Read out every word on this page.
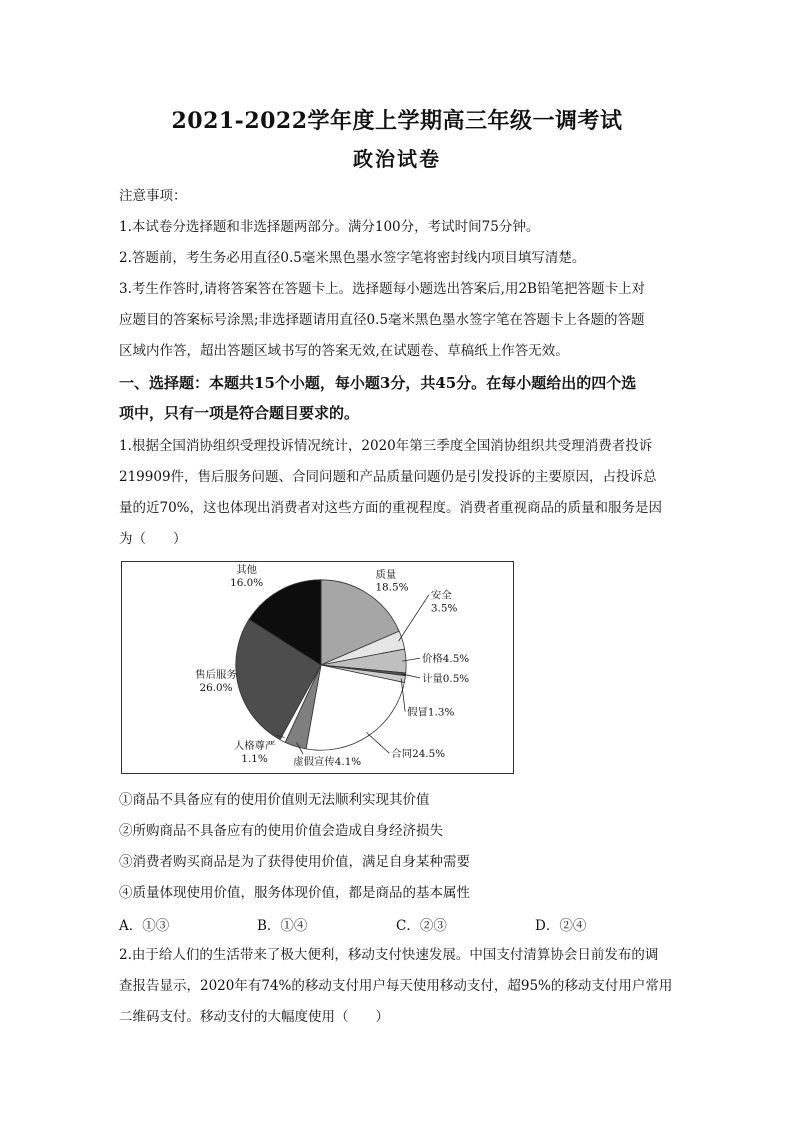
2021-2022学年度上学期高三年级一调考试
政治试卷
注意事项：
1.本试卷分选择题和非选择题两部分。满分100分，考试时间75分钟。
2.答题前，考生务必用直径0.5毫米黑色墨水签字笔将密封线内项目填写清楚。
3.考生作答时,请将答案答在答题卡上。选择题每小题选出答案后,用2B铅笔把答题卡上对
应题目的答案标号涂黑;非选择题请用直径0.5毫米黑色墨水签字笔在答题卡上各题的答题
区域内作答，超出答题区域书写的答案无效,在试题卷、草稿纸上作答无效。
一、选择题：本题共15个小题，每小题3分，共45分。在每小题给出的四个选
项中，只有一项是符合题目要求的。
1.根据全国消协组织受理投诉情况统计，2020年第三季度全国消协组织共受理消费者投诉
219909件，售后服务问题、合同问题和产品质量问题仍是引发投诉的主要原因，占投诉总
量的近70%，这也体现出消费者对这些方面的重视程度。消费者重视商品的质量和服务是因
为（　　）
质量
18.5%
安全
3.5%
价格4.5%
计量0.5%
假冒1.3%
合同24.5%
虚假宣传4.1%
人格尊严
1.1%
售后服务
26.0%
其他
16.0%
①商品不具备应有的使用价值则无法顺利实现其价值
②所购商品不具备应有的使用价值会造成自身经济损失
③消费者购买商品是为了获得使用价值，满足自身某种需要
④质量体现使用价值，服务体现价值，都是商品的基本属性
A．①③	B．①④	C．②③	D．②④
2.由于给人们的生活带来了极大便利，移动支付快速发展。中国支付清算协会日前发布的调
查报告显示，2020年有74%的移动支付用户每天使用移动支付，超95%的移动支付用户常用
二维码支付。移动支付的大幅度使用（　　）
